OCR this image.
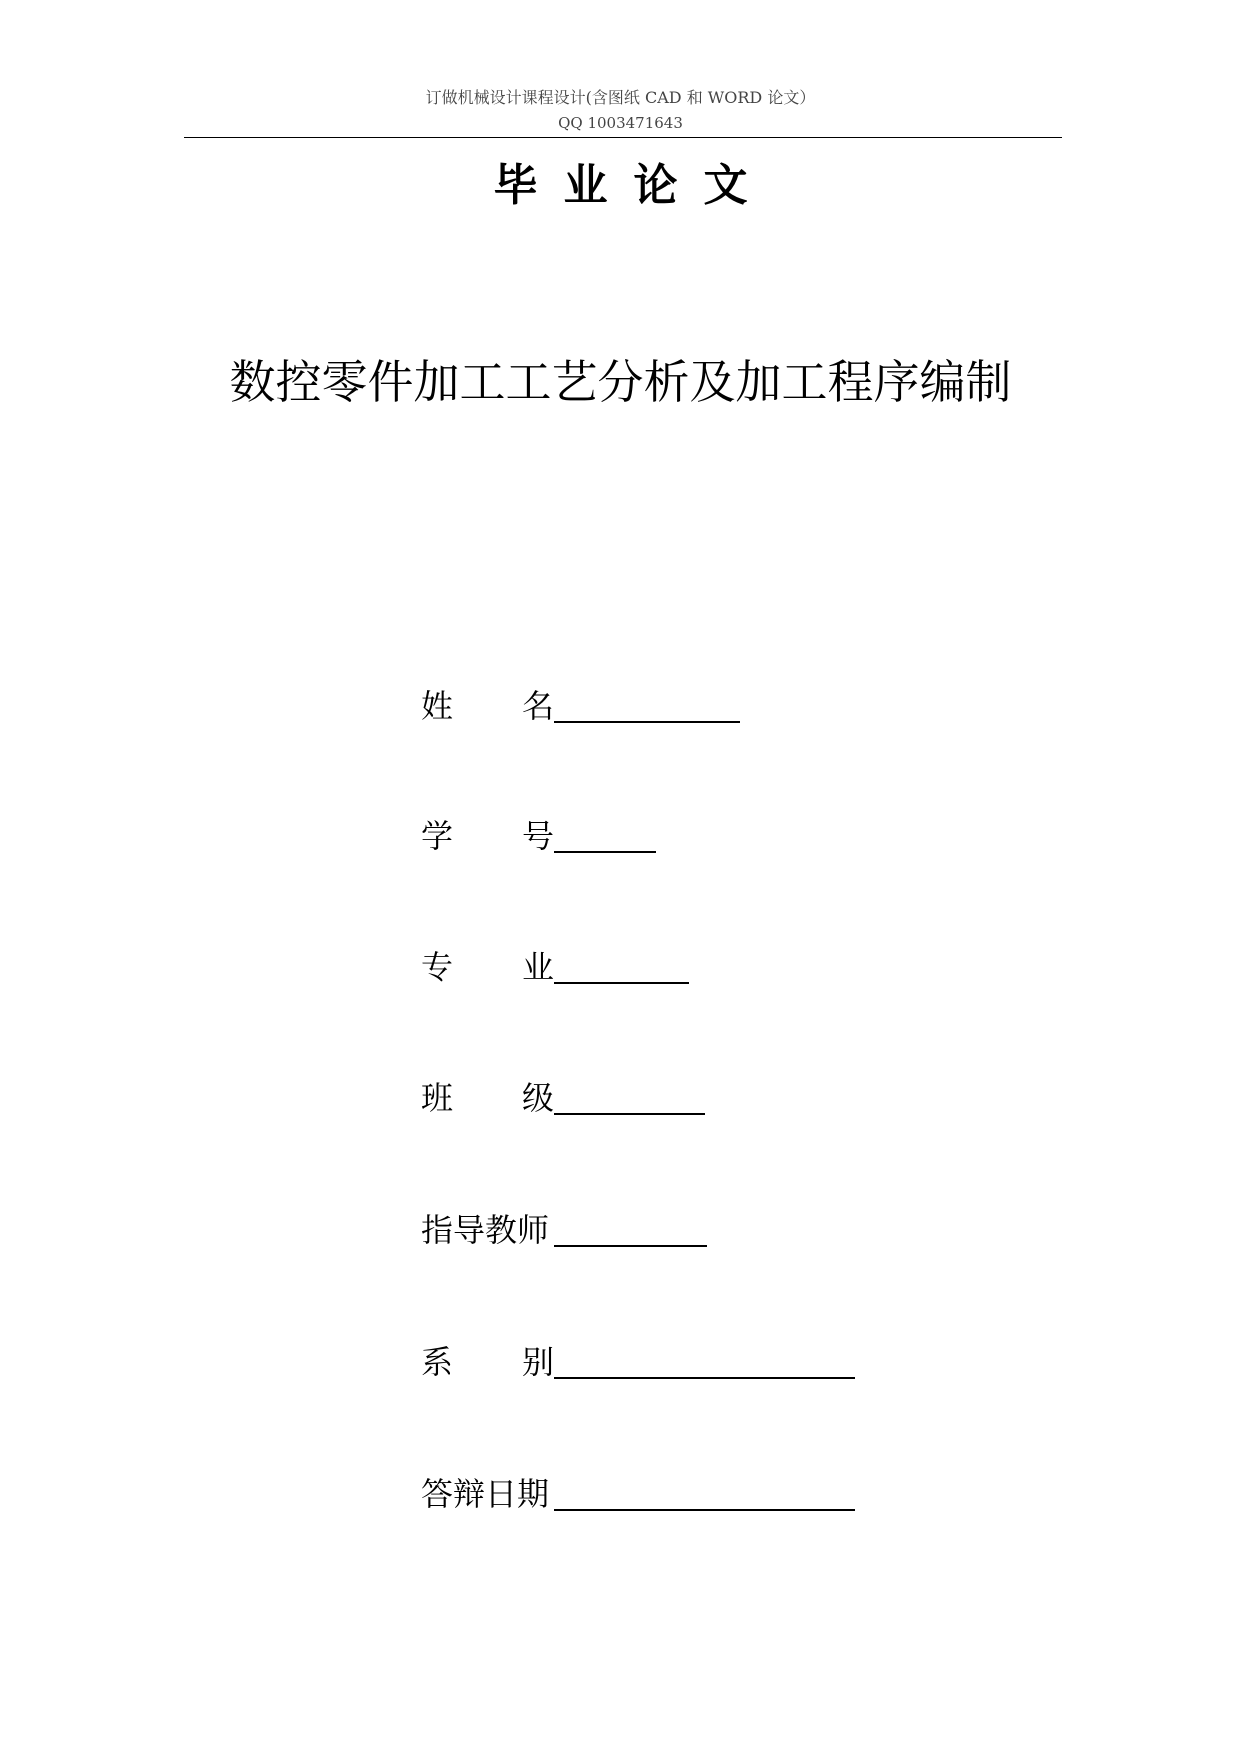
订做机械设计课程设计(含图纸 CAD 和 WORD 论文）
QQ 1003471643
毕业论文
数控零件加工工艺分析及加工程序编制
姓 名
学 号
专 业
班 级
指导教师
系 别
答辩日期
